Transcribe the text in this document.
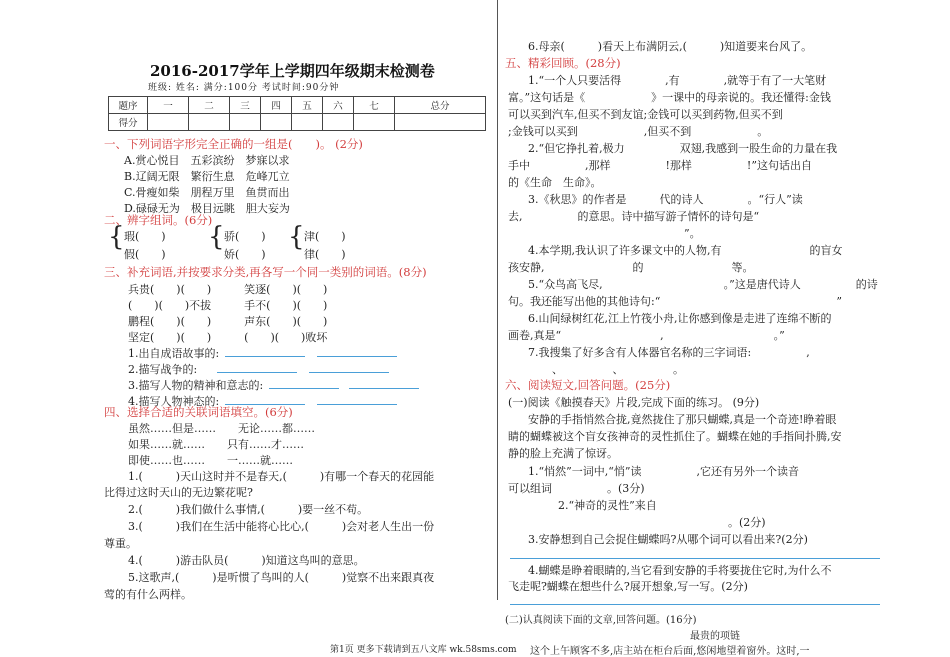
2016-2017学年上学期四年级期末检测卷
班级: 姓名: 满分:100分 考试时间:90分钟
题序	一	二	三	四	五	六	七	总分
得分								
一、下列词语字形完全正确的一组是(　　)。 (2分)
A.赏心悦目　五彩滨纷　梦寐以求
B.辽阔无限　繁衍生息　危峰兀立
C.骨瘦如柴　朋程万里　鱼贯而出
D.碌碌无为　极目远眺　胆大妄为
二、辨字组词。(6分)
{ 瑕(　　)
假(　　)
{ 骄(　　)
娇(　　)
{ 津(　　)
律(　　)
三、补充词语,并按要求分类,再各写一个同一类别的词语。(8分)
兵贵(　　)(　　)　　　笑逐(　　)(　　)
(　　)(　　)不拔　　　手不(　　)(　　)
鹏程(　　)(　　)　　　声东(　　)(　　)
坚定(　　)(　　)　　　(　　)(　　)败坏
1.出自成语故事的:
2.描写战争的:
3.描写人物的精神和意志的:
4.描写人物神态的:
四、选择合适的关联词语填空。(6分)
虽然……但是……　　无论……都……
如果……就……　　只有……才……
即使……也……　　一……就……
1.(　　　)天山这时并不是春天,(　　　)有哪一个春天的花园能
比得过这时天山的无边繁花呢?
2.(　　　)我们做什么事情,(　　　)要一丝不苟。
3.(　　　)我们在生活中能将心比心,(　　　)会对老人生出一份
尊重。
4.(　　　)游击队员(　　　)知道这鸟叫的意思。
5.这歌声,(　　　)是听惯了鸟叫的人(　　　)觉察不出来跟真夜
莺的有什么两样。
6.母亲(　　　)看天上布满阴云,(　　　)知道要来台风了。
五、精彩回顾。(28分)
1.“一个人只要活得　　　　,有　　　　,就等于有了一大笔财
富。”这句话是《　　　　　　》一课中的母亲说的。我还懂得:金钱
可以买到汽车,但买不到友谊;金钱可以买到药物,但买不到
;金钱可以买到　　　　　　,但买不到　　　　　　。
2.“但它挣扎着,极力　　　　　双翅,我感到一股生命的力量在我
手中　　　　　,那样　　　　　!那样　　　　　!”这句话出自
的《生命　生命》。
3.《秋思》的作者是　　　代的诗人　　　　。“行人”读
去,　　　　　的意思。诗中描写游子情怀的诗句是“　　　　　　　　
　　　　　　　　　　　　　　　　”。
4.本学期,我认识了许多课文中的人物,有　　　　　　　　的盲女
孩安静,　　　　　　　　的　　　　　　　　等。
5.“众鸟高飞尽,　　　　　　　　　　　。”这是唐代诗人　　　　　的诗
句。我还能写出他的其他诗句:“　　　　　　　　　　　　　　　　”
6.山间绿树红花,江上竹筏小舟,让你感到像是走进了连绵不断的
画卷,真是“　　　　　　　　　,　　　　　　　　　　。”
7.我搜集了好多含有人体器官名称的三字词语:　　　　　,
　　　　、　　　　　、　　　　　。
六、阅读短文,回答问题。(25分)
(一)阅读《触摸春天》片段,完成下面的练习。 (9分)
安静的手指悄然合拢,竟然拢住了那只蝴蝶,真是一个奇迹!睁着眼
睛的蝴蝶被这个盲女孩神奇的灵性抓住了。蝴蝶在她的手指间扑腾,安
静的脸上充满了惊讶。
1.“悄然”一词中,“悄”读　　　　　,它还有另外一个读音
可以组词　　　　　。(3分)
2.“神奇的灵性”来自
　　　　　　　　　　　　　　　　　　　　。(2分)
3.安静想到自己会捉住蝴蝶吗?从哪个词可以看出来?(2分)
4.蝴蝶是睁着眼睛的,当它看到安静的手将要拢住它时,为什么不
飞走呢?蝴蝶在想些什么?展开想象,写一写。(2分)
(二)认真阅读下面的文章,回答问题。(16分)
最贵的项链
这个上午顾客不多,店主站在柜台后面,悠闲地望着窗外。这时,一
第1页 更多下载请到五八文库 wk.58sms.com
